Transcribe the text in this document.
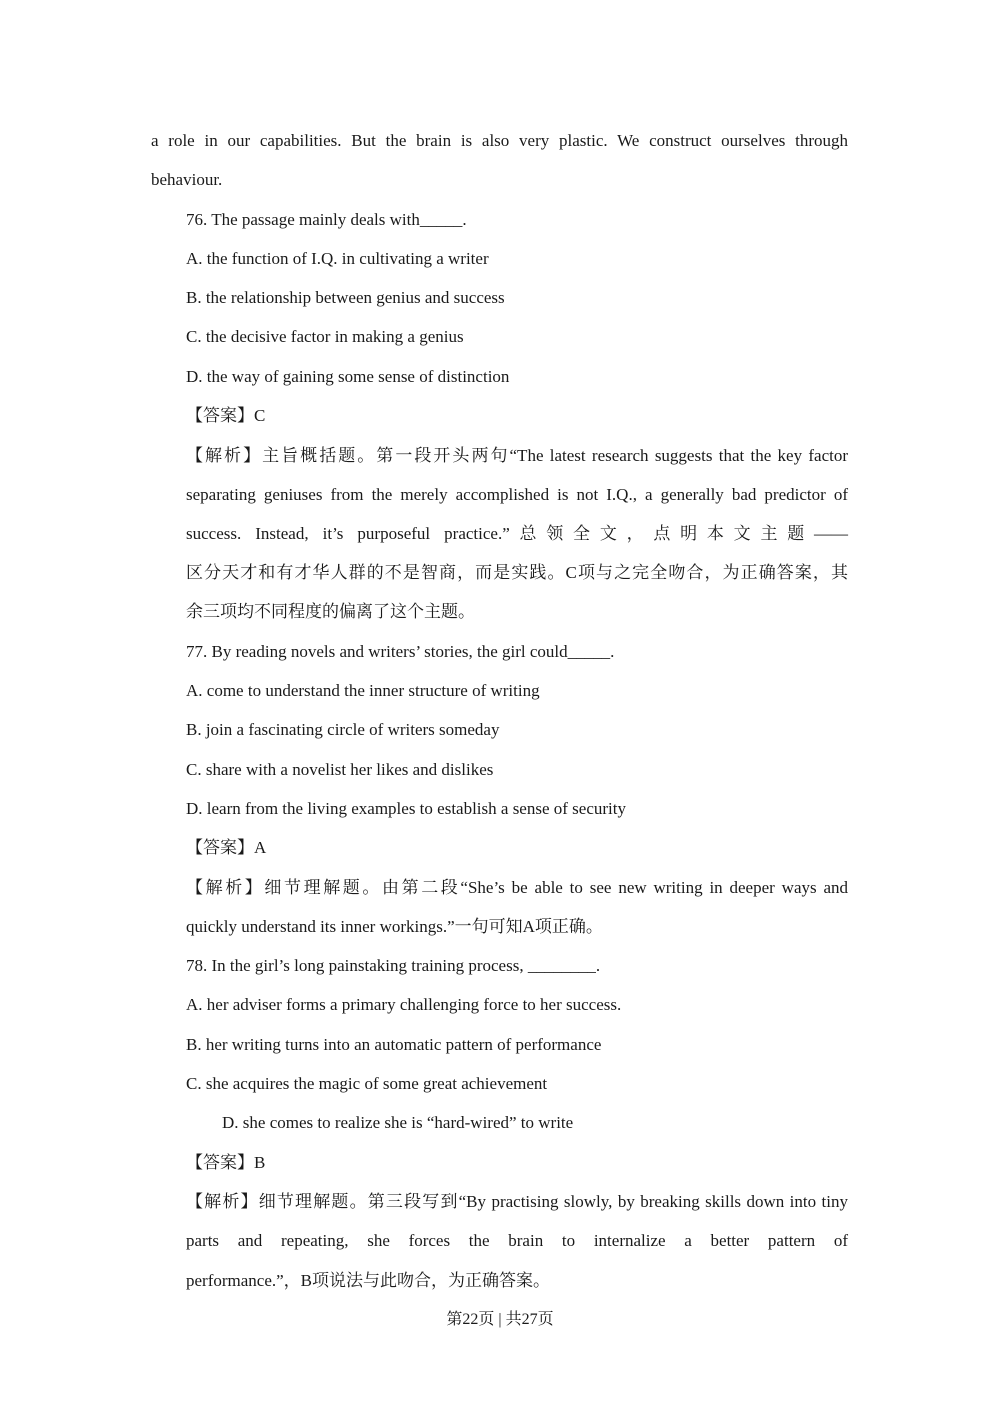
a role in our capabilities. But the brain is also very plastic. We construct ourselves through
behaviour.
76. The passage mainly deals with_____.
A. the function of I.Q. in cultivating a writer
B. the relationship between genius and success
C. the decisive factor in making a genius
D. the way of gaining some sense of distinction
【答案】C
【解析】主旨概括题。第一段开头两句“The latest research suggests that the key factor
separating geniuses from the merely accomplished is not I.Q., a generally bad predictor of
success. Instead, it’s purposeful practice.”总领全文，点明本文主题——
区分天才和有才华人群的不是智商，而是实践。C项与之完全吻合，为正确答案，其
余三项均不同程度的偏离了这个主题。
77. By reading novels and writers’ stories, the girl could_____.
A. come to understand the inner structure of writing
B. join a fascinating circle of writers someday
C. share with a novelist her likes and dislikes
D. learn from the living examples to establish a sense of security
【答案】A
【解析】细节理解题。由第二段“She’s be able to see new writing in deeper ways and
quickly understand its inner workings.”一句可知A项正确。
78. In the girl’s long painstaking training process, ________.
A. her adviser forms a primary challenging force to her success.
B. her writing turns into an automatic pattern of performance
C. she acquires the magic of some great achievement
D. she comes to realize she is “hard-wired” to write
【答案】B
【解析】细节理解题。第三段写到“By practising slowly, by breaking skills down into tiny
parts and repeating, she forces the brain to internalize a better pattern of
performance.”，B项说法与此吻合，为正确答案。
第22页 | 共27页
